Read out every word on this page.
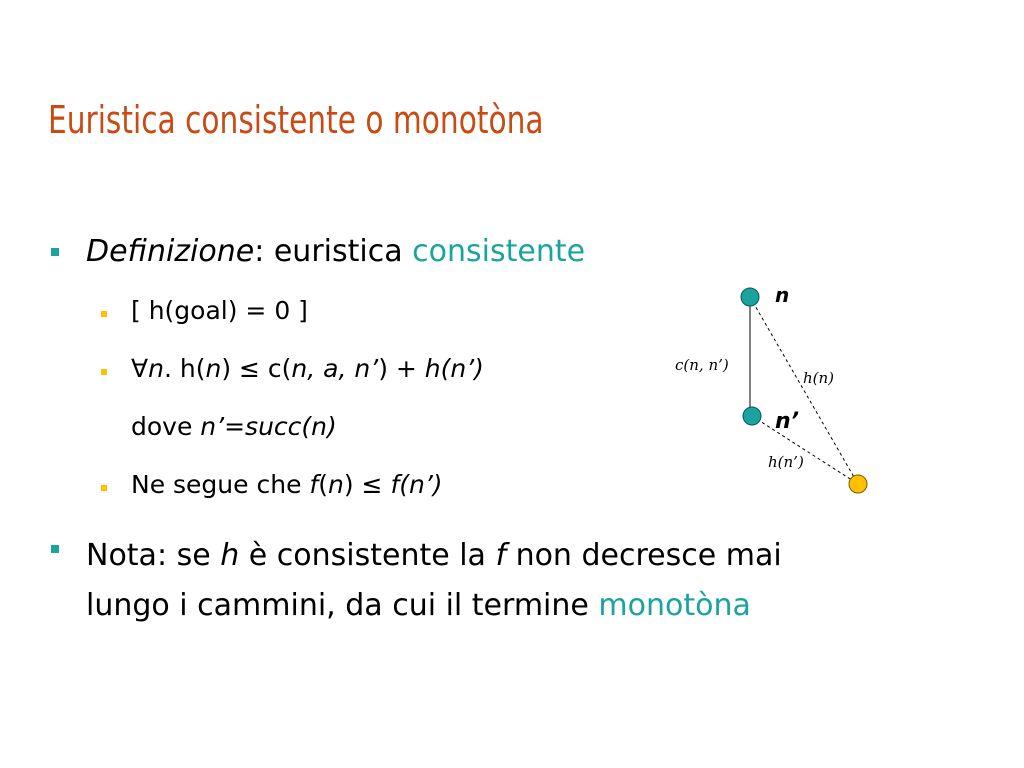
Euristica consistente o monotòna
Definizione: euristica consistente
[ h(goal) = 0 ]
∀n. h(n) ≤ c(n, a, n’) + h(n’)
dove n’=succ(n)
Ne segue che f(n) ≤ f(n’)
Nota: se h è consistente la f non decresce mai
lungo i cammini, da cui il termine monotòna
n
n’
c(n, n’)
h(n)
h(n’)
